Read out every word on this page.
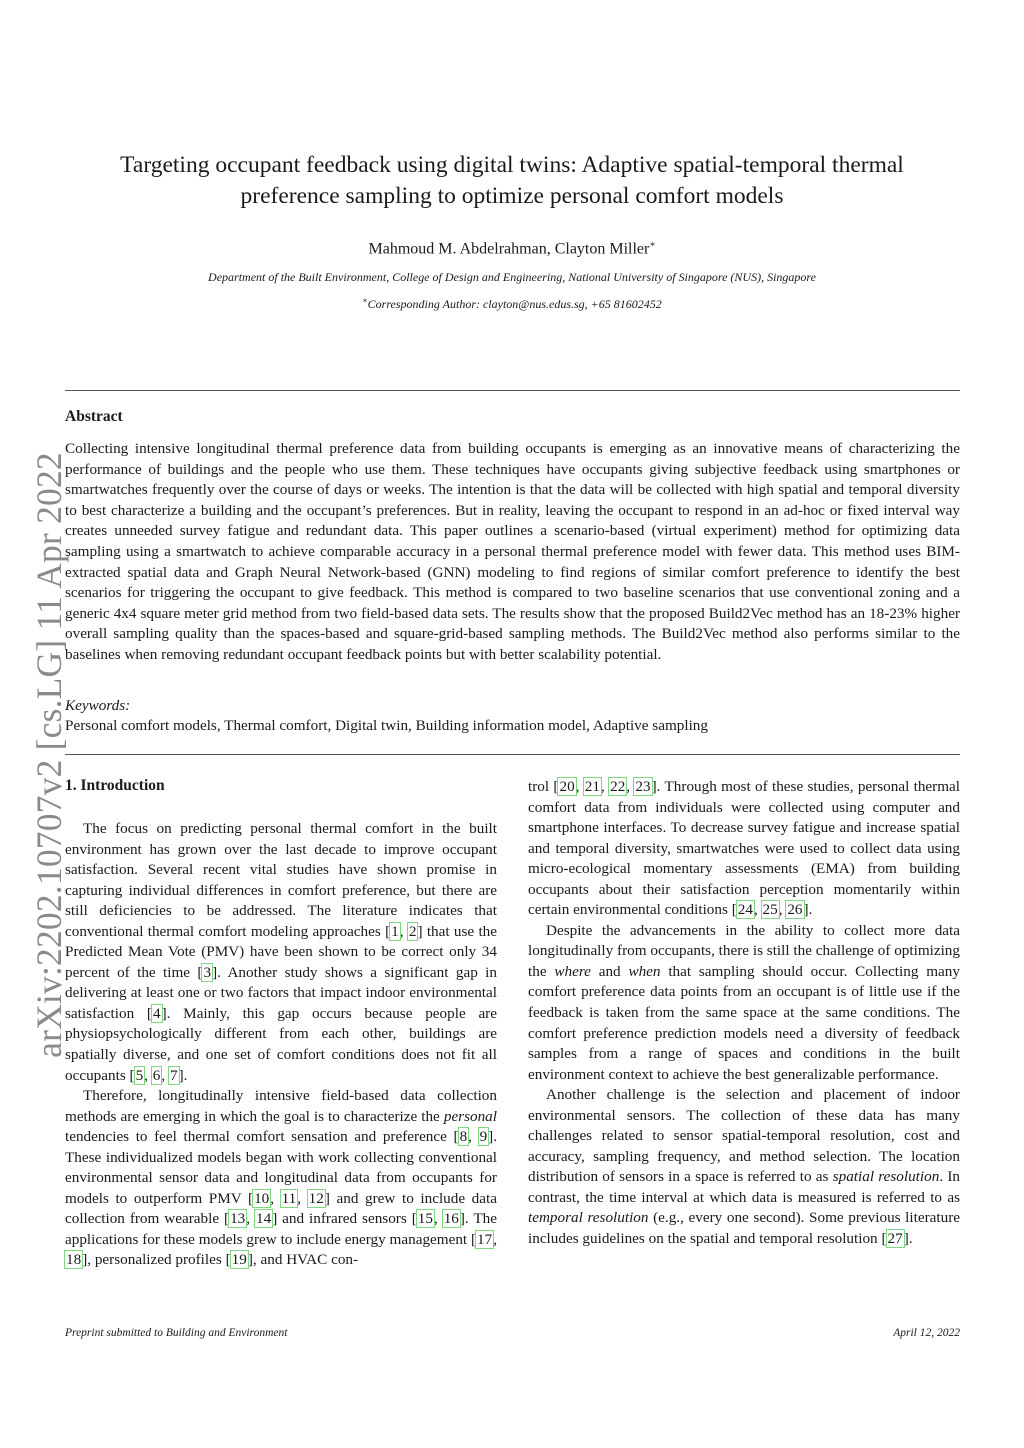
arXiv:2202.10707v2 [cs.LG] 11 Apr 2022
Targeting occupant feedback using digital twins: Adaptive spatial-temporal thermal
preference sampling to optimize personal comfort models
Mahmoud M. Abdelrahman, Clayton Miller∗
Department of the Built Environment, College of Design and Engineering, National University of Singapore (NUS), Singapore
∗Corresponding Author: clayton@nus.edus.sg, +65 81602452
Abstract
Collecting intensive longitudinal thermal preference data from building occupants is emerging as an innovative means of characterizing the performance of buildings and the people who use them. These techniques have occupants giving subjective feedback using smartphones or smartwatches frequently over the course of days or weeks. The intention is that the data will be collected with high spatial and temporal diversity to best characterize a building and the occupant’s preferences. But in reality, leaving the occupant to respond in an ad-hoc or fixed interval way creates unneeded survey fatigue and redundant data. This paper outlines a scenario-based (virtual experiment) method for optimizing data sampling using a smartwatch to achieve comparable accuracy in a personal thermal preference model with fewer data. This method uses BIM-extracted spatial data and Graph Neural Network-based (GNN) modeling to find regions of similar comfort preference to identify the best scenarios for triggering the occupant to give feedback. This method is compared to two baseline scenarios that use conventional zoning and a generic 4x4 square meter grid method from two field-based data sets. The results show that the proposed Build2Vec method has an 18-23% higher overall sampling quality than the spaces-based and square-grid-based sampling methods. The Build2Vec method also performs similar to the baselines when removing redundant occupant feedback points but with better scalability potential.
Keywords:
Personal comfort models, Thermal comfort, Digital twin, Building information model, Adaptive sampling
1. Introduction

The focus on predicting personal thermal comfort in the built environment has grown over the last decade to improve occupant satisfaction. Several recent vital studies have shown promise in capturing individual differences in comfort preference, but there are still deficiencies to be addressed. The literature indicates that conventional thermal comfort modeling approaches [1, 2] that use the Predicted Mean Vote (PMV) have been shown to be correct only 34 percent of the time [3]. Another study shows a significant gap in delivering at least one or two factors that impact indoor environmental satisfaction [4]. Mainly, this gap occurs because people are physiopsychologically different from each other, buildings are spatially diverse, and one set of comfort conditions does not fit all occupants [5, 6, 7].

Therefore, longitudinally intensive field-based data collection methods are emerging in which the goal is to characterize the personal tendencies to feel thermal comfort sensation and preference [8, 9]. These individualized models began with work collecting conventional environmental sensor data and longitudinal data from occupants for models to outperform PMV [10, 11, 12] and grew to include data collection from wearable [13, 14] and infrared sensors [15, 16]. The applications for these models grew to include energy management [17, 18], personalized profiles [19], and HVAC con-

trol [20, 21, 22, 23]. Through most of these studies, personal thermal comfort data from individuals were collected using computer and smartphone interfaces. To decrease survey fatigue and increase spatial and temporal diversity, smartwatches were used to collect data using micro-ecological momentary assessments (EMA) from building occupants about their satisfaction perception momentarily within certain environmental conditions [24, 25, 26].

Despite the advancements in the ability to collect more data longitudinally from occupants, there is still the challenge of optimizing the where and when that sampling should occur. Collecting many comfort preference data points from an occupant is of little use if the feedback is taken from the same space at the same conditions. The comfort preference prediction models need a diversity of feedback samples from a range of spaces and conditions in the built environment context to achieve the best generalizable performance.

Another challenge is the selection and placement of indoor environmental sensors. The collection of these data has many challenges related to sensor spatial-temporal resolution, cost and accuracy, sampling frequency, and method selection. The location distribution of sensors in a space is referred to as spatial resolution. In contrast, the time interval at which data is measured is referred to as temporal resolution (e.g., every one second). Some previous literature includes guidelines on the spatial and temporal resolution [27].

Preprint submitted to Building and Environment	April 12, 2022
